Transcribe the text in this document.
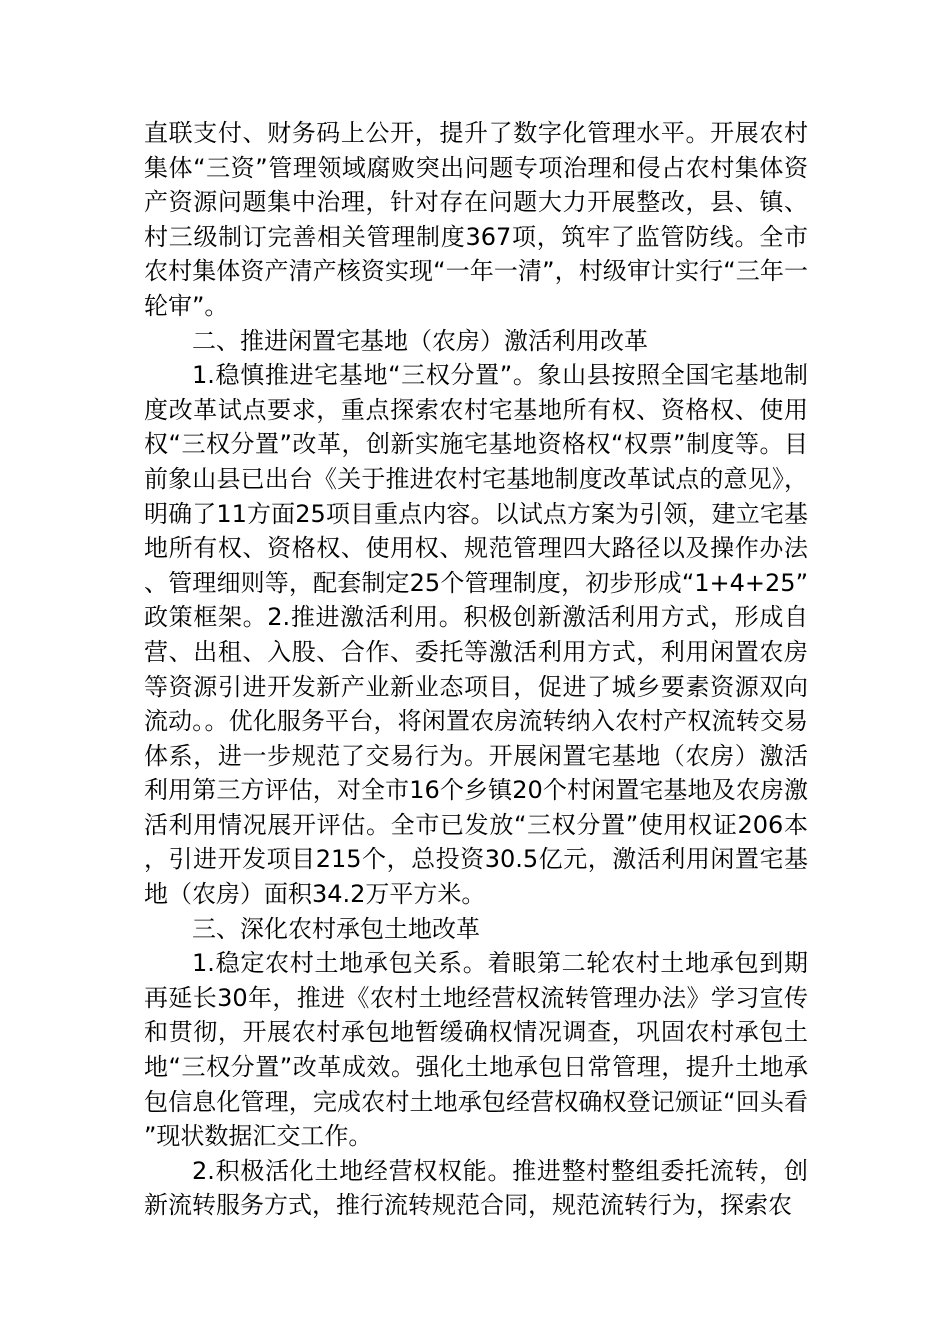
直联支付、财务码上公开，提升了数字化管理水平。开展农村集体“三资”管理领域腐败突出问题专项治理和侵占农村集体资产资源问题集中治理，针对存在问题大力开展整改，县、镇、村三级制订完善相关管理制度367项，筑牢了监管防线。全市农村集体资产清产核资实现“一年一清”，村级审计实行“三年一轮审”。

二、推进闲置宅基地（农房）激活利用改革

1.稳慎推进宅基地“三权分置”。象山县按照全国宅基地制度改革试点要求，重点探索农村宅基地所有权、资格权、使用权“三权分置”改革，创新实施宅基地资格权“权票”制度等。目前象山县已出台《关于推进农村宅基地制度改革试点的意见》，明确了11方面25项目重点内容。以试点方案为引领，建立宅基地所有权、资格权、使用权、规范管理四大路径以及操作办法、管理细则等，配套制定25个管理制度，初步形成“1+4+25”政策框架。2.推进激活利用。积极创新激活利用方式，形成自营、出租、入股、合作、委托等激活利用方式，利用闲置农房等资源引进开发新产业新业态项目，促进了城乡要素资源双向流动。。优化服务平台，将闲置农房流转纳入农村产权流转交易体系，进一步规范了交易行为。开展闲置宅基地（农房）激活利用第三方评估，对全市16个乡镇20个村闲置宅基地及农房激活利用情况展开评估。全市已发放“三权分置”使用权证206本，引进开发项目215个，总投资30.5亿元，激活利用闲置宅基地（农房）面积34.2万平方米。

三、深化农村承包土地改革

1.稳定农村土地承包关系。着眼第二轮农村土地承包到期再延长30年，推进《农村土地经营权流转管理办法》学习宣传和贯彻，开展农村承包地暂缓确权情况调查，巩固农村承包土地“三权分置”改革成效。强化土地承包日常管理，提升土地承包信息化管理，完成农村土地承包经营权确权登记颁证“回头看”现状数据汇交工作。

2.积极活化土地经营权权能。推进整村整组委托流转，创新流转服务方式，推行流转规范合同，规范流转行为，探索农
